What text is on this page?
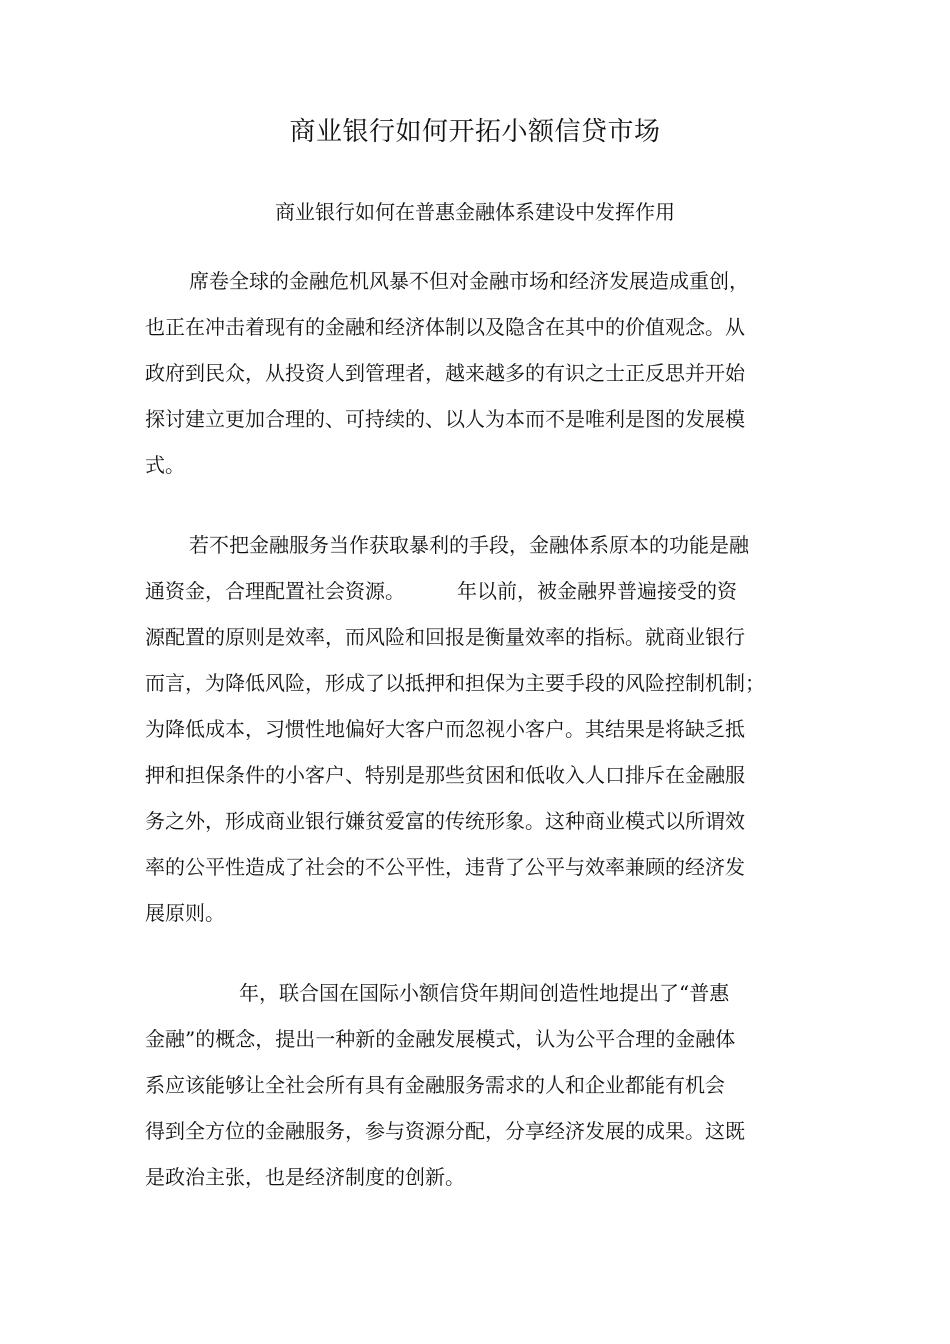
商业银行如何开拓小额信贷市场
商业银行如何在普惠金融体系建设中发挥作用
席卷全球的金融危机风暴不但对金融市场和经济发展造成重创，
也正在冲击着现有的金融和经济体制以及隐含在其中的价值观念。从
政府到民众，从投资人到管理者，越来越多的有识之士正反思并开始
探讨建立更加合理的、可持续的、以人为本而不是唯利是图的发展模
式。
若不把金融服务当作获取暴利的手段，金融体系原本的功能是融
通资金，合理配置社会资源。	年以前，被金融界普遍接受的资
源配置的原则是效率，而风险和回报是衡量效率的指标。就商业银行
而言，为降低风险，形成了以抵押和担保为主要手段的风险控制机制；
为降低成本，习惯性地偏好大客户而忽视小客户。其结果是将缺乏抵
押和担保条件的小客户、特别是那些贫困和低收入人口排斥在金融服
务之外，形成商业银行嫌贫爱富的传统形象。这种商业模式以所谓效
率的公平性造成了社会的不公平性，违背了公平与效率兼顾的经济发
展原则。
年，联合国在国际小额信贷年期间创造性地提出了“普惠
金融”的概念，提出一种新的金融发展模式，认为公平合理的金融体
系应该能够让全社会所有具有金融服务需求的人和企业都能有机会
得到全方位的金融服务，参与资源分配，分享经济发展的成果。这既
是政治主张，也是经济制度的创新。
